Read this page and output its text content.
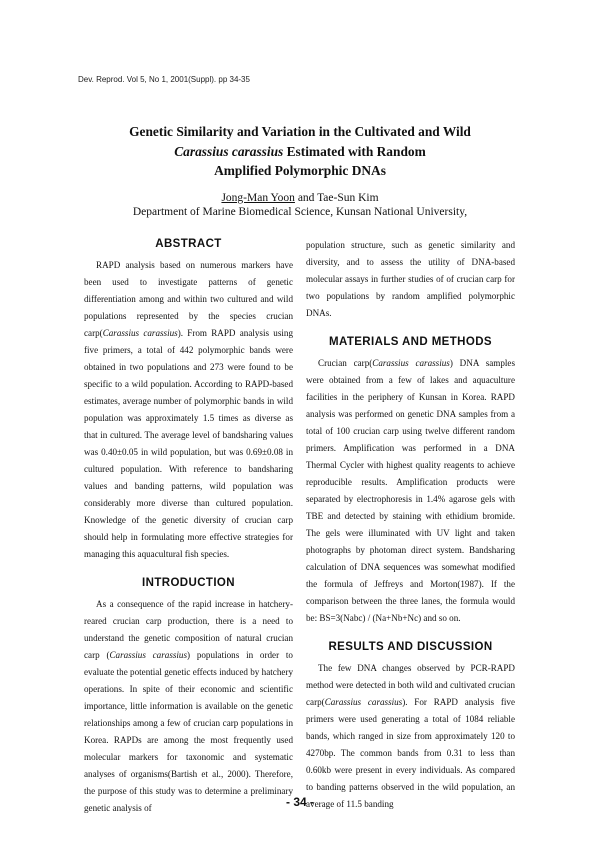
Dev. Reprod. Vol 5, No 1, 2001(Suppl). pp 34-35
Genetic Similarity and Variation in the Cultivated and Wild
Carassius carassius Estimated with Random
Amplified Polymorphic DNAs
Jong-Man Yoon and Tae-Sun Kim
Department of Marine Biomedical Science, Kunsan National University,

ABSTRACT

RAPD analysis based on numerous markers have been used to investigate patterns of genetic differentiation among and within two cultured and wild populations represented by the species crucian carp(Carassius carassius). From RAPD analysis using five primers, a total of 442 polymorphic bands were obtained in two populations and 273 were found to be specific to a wild population. According to RAPD-based estimates, average number of polymorphic bands in wild population was approximately 1.5 times as diverse as that in cultured. The average level of bandsharing values was 0.40±0.05 in wild population, but was 0.69±0.08 in cultured population. With reference to bandsharing values and banding patterns, wild population was considerably more diverse than cultured population. Knowledge of the genetic diversity of crucian carp should help in formulating more effective strategies for managing this aquacultural fish species.

INTRODUCTION

As a consequence of the rapid increase in hatchery-reared crucian carp production, there is a need to understand the genetic composition of natural crucian carp (Carassius carassius) populations in order to evaluate the potential genetic effects induced by hatchery operations. In spite of their economic and scientific importance, little information is available on the genetic relationships among a few of crucian carp populations in Korea. RAPDs are among the most frequently used molecular markers for taxonomic and systematic analyses of organisms(Bartish et al., 2000). Therefore, the purpose of this study was to determine a preliminary genetic analysis of

population structure, such as genetic similarity and diversity, and to assess the utility of DNA-based molecular assays in further studies of of crucian carp for two populations by random amplified polymorphic DNAs.

MATERIALS AND METHODS

Crucian carp(Carassius carassius) DNA samples were obtained from a few of lakes and aquaculture facilities in the periphery of Kunsan in Korea. RAPD analysis was performed on genetic DNA samples from a total of 100 crucian carp using twelve different random primers. Amplification was performed in a DNA Thermal Cycler with highest quality reagents to achieve reproducible results. Amplification products were separated by electrophoresis in 1.4% agarose gels with TBE and detected by staining with ethidium bromide. The gels were illuminated with UV light and taken photographs by photoman direct system. Bandsharing calculation of DNA sequences was somewhat modified the formula of Jeffreys and Morton(1987). If the comparison between the three lanes, the formula would be: BS=3(Nabc) / (Na+Nb+Nc) and so on.

RESULTS AND DISCUSSION

The few DNA changes observed by PCR-RAPD method were detected in both wild and cultivated crucian carp(Carassius carassius). For RAPD analysis five primers were used generating a total of 1084 reliable bands, which ranged in size from approximately 120 to 4270bp. The common bands from 0.31 to less than 0.60kb were present in every individuals. As compared to banding patterns observed in the wild population, an average of 11.5 banding

- 34 -
